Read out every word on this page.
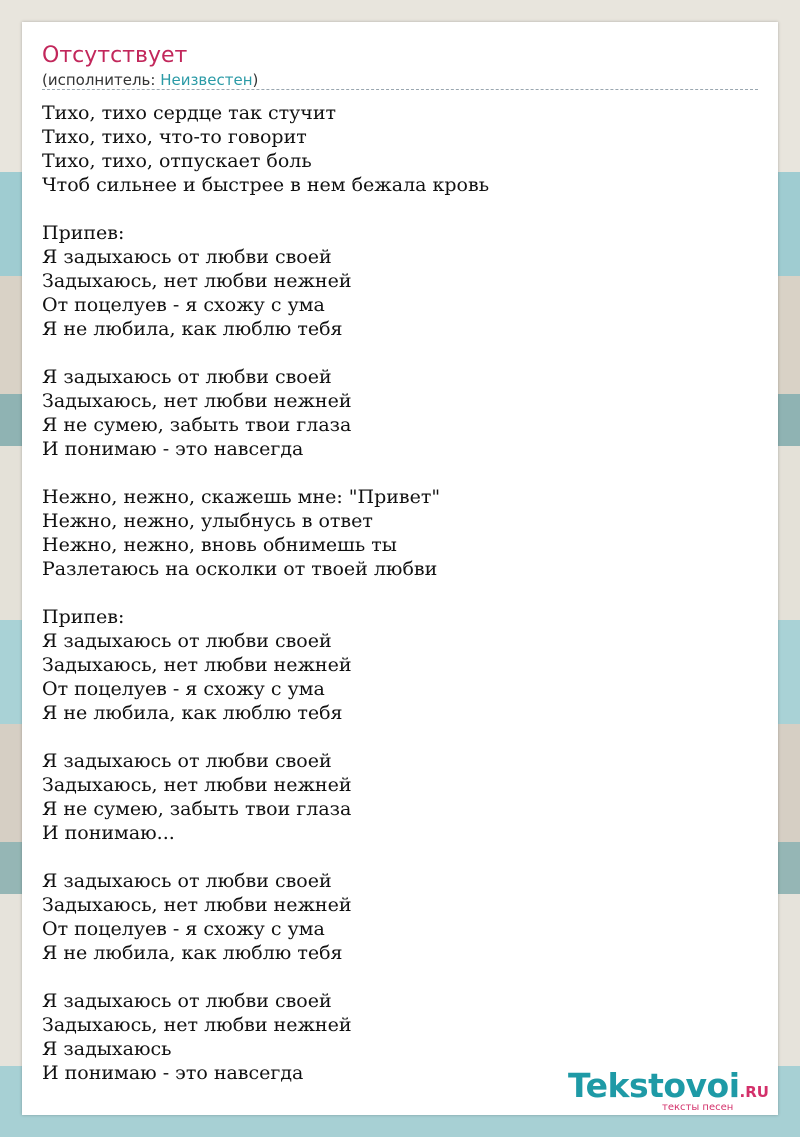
Отсутствует
(исполнитель: Неизвестен)
Тихо, тихо сердце так стучит
Тихо, тихо, что-то говорит
Тихо, тихо, отпускает боль
Чтоб сильнее и быстрее в нем бежала кровь
Припев:
Я задыхаюсь от любви своей
Задыхаюсь, нет любви нежней
От поцелуев - я схожу с ума
Я не любила, как люблю тебя
Я задыхаюсь от любви своей
Задыхаюсь, нет любви нежней
Я не сумею, забыть твои глаза
И понимаю - это навсегда
Нежно, нежно, скажешь мне: "Привет"
Нежно, нежно, улыбнусь в ответ
Нежно, нежно, вновь обнимешь ты
Разлетаюсь на осколки от твоей любви
Припев:
Я задыхаюсь от любви своей
Задыхаюсь, нет любви нежней
От поцелуев - я схожу с ума
Я не любила, как люблю тебя
Я задыхаюсь от любви своей
Задыхаюсь, нет любви нежней
Я не сумею, забыть твои глаза
И понимаю...
Я задыхаюсь от любви своей
Задыхаюсь, нет любви нежней
От поцелуев - я схожу с ума
Я не любила, как люблю тебя
Я задыхаюсь от любви своей
Задыхаюсь, нет любви нежней
Я задыхаюсь
И понимаю - это навсегда	Tekstovoi.RU
тексты песен
